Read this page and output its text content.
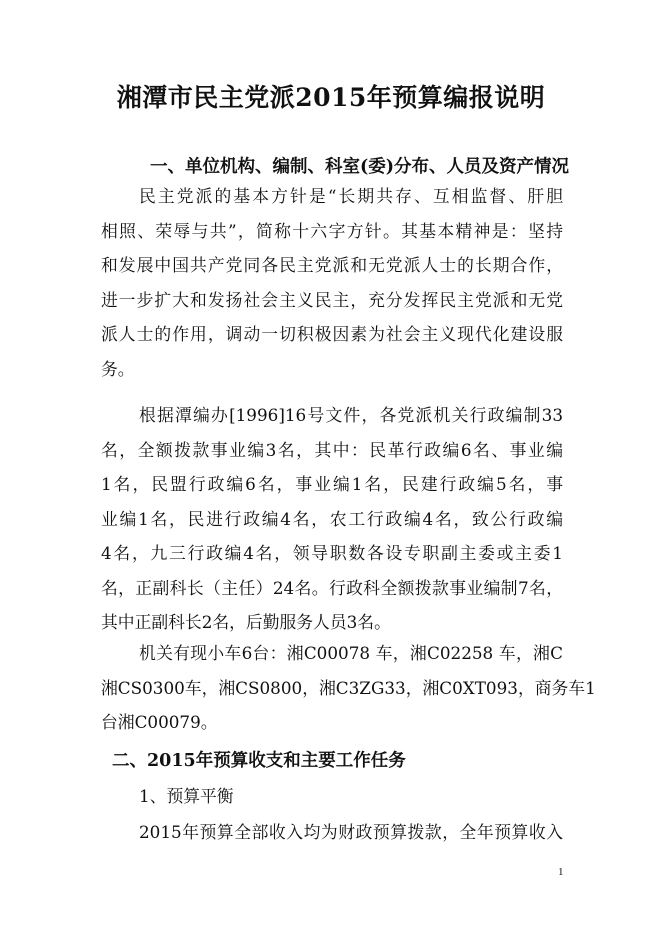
湘潭市民主党派2015年预算编报说明
一、单位机构、编制、科室(委)分布、人员及资产情况
民主党派的基本方针是“长期共存、互相监督、肝胆
相照、荣辱与共”，简称十六字方针。其基本精神是：坚持
和发展中国共产党同各民主党派和无党派人士的长期合作，
进一步扩大和发扬社会主义民主，充分发挥民主党派和无党
派人士的作用，调动一切积极因素为社会主义现代化建设服
务。
根据潭编办[1996]16号文件，各党派机关行政编制33
名，全额拨款事业编3名，其中：民革行政编6名、事业编
1名，民盟行政编6名，事业编1名，民建行政编5名，事
业编1名，民进行政编4名，农工行政编4名，致公行政编
4名，九三行政编4名，领导职数各设专职副主委或主委1
名，正副科长（主任）24名。行政科全额拨款事业编制7名，
其中正副科长2名，后勤服务人员3名。
机关有现小车6台：湘C00078 车，湘C02258 车，湘C
湘CS0300车，湘CS0800，湘C3ZG33，湘C0XT093，商务车1
台湘C00079。
二、2015年预算收支和主要工作任务
1、预算平衡
2015年预算全部收入均为财政预算拨款，全年预算收入
1
